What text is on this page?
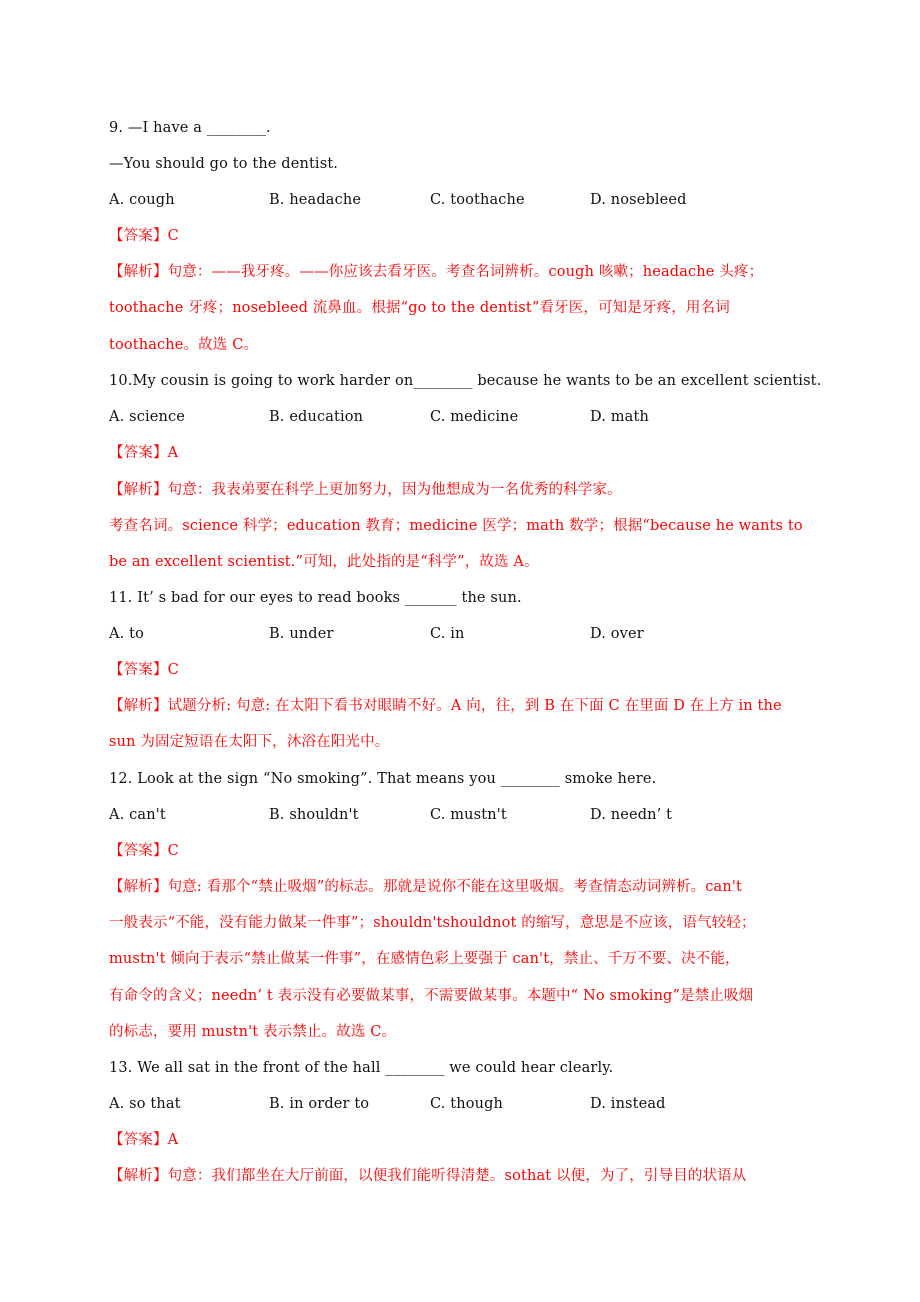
9. —I have a ________.
—You should go to the dentist.

A. cough

	B. headache

	C. toothache

	D. nosebleed

【答案】C
【解析】句意：——我牙疼。——你应该去看牙医。考查名词辨析。cough 咳嗽；headache 头疼；
toothache 牙疼；nosebleed 流鼻血。根据“go to the dentist”看牙医，可知是牙疼，用名词
toothache。故选 C。
10.My cousin is going to work harder on________ because he wants to be an excellent scientist.

A. science

	B. education

	C. medicine

	D. math

【答案】A
【解析】句意：我表弟要在科学上更加努力，因为他想成为一名优秀的科学家。
考查名词。science 科学；education 教育；medicine 医学；math 数学；根据“because he wants to
be an excellent scientist.”可知，此处指的是“科学”，故选 A。
11. It’ s bad for our eyes to read books _______ the sun.

A. to

	B. under

	C. in

	D. over

【答案】C
【解析】试题分析: 句意: 在太阳下看书对眼睛不好。A 向，往，到 B 在下面 C 在里面 D 在上方 in the
sun 为固定短语在太阳下，沐浴在阳光中。
12. Look at the sign “No smoking”. That means you ________ smoke here.

A. can't

	B. shouldn't

	C. mustn't

	D. needn’ t

【答案】C
【解析】句意: 看那个“禁止吸烟”的标志。那就是说你不能在这里吸烟。考查情态动词辨析。can't
一般表示“不能，没有能力做某一件事”；shouldn'tshouldnot 的缩写，意思是不应该，语气较轻；
mustn't 倾向于表示“禁止做某一件事”，在感情色彩上要强于 can't，禁止、千万不要、决不能，
有命令的含义；needn’ t 表示没有必要做某事，不需要做某事。本题中“ No smoking”是禁止吸烟
的标志，要用 mustn't 表示禁止。故选 C。
13. We all sat in the front of the hall ________ we could hear clearly.

A. so that

	B. in order to

	C. though

	D. instead

【答案】A
【解析】句意：我们都坐在大厅前面，以便我们能听得清楚。sothat 以便，为了，引导目的状语从
